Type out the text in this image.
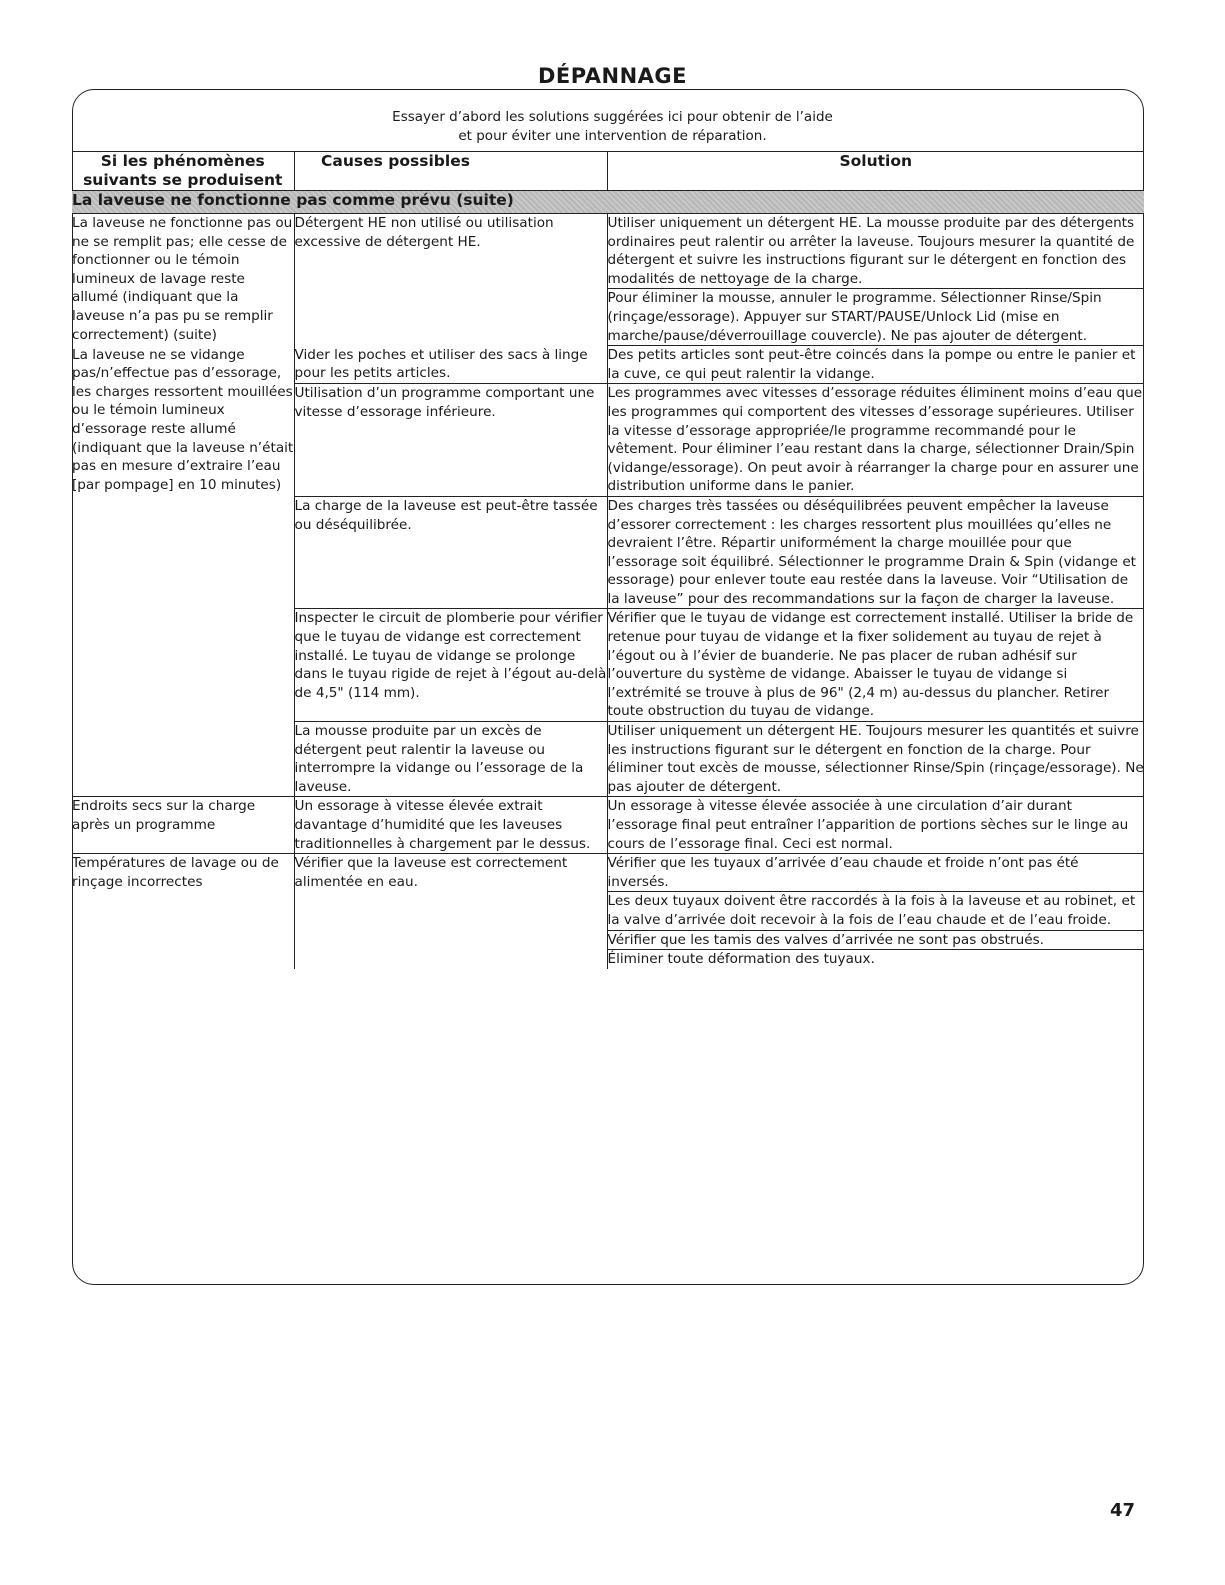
DÉPANNAGE
Essayer d’abord les solutions suggérées ici pour obtenir de l’aide
et pour éviter une intervention de réparation.
Si les phénomènes suivants se produisent	Causes possibles	Solution
La laveuse ne fonctionne pas comme prévu (suite)		
La laveuse ne fonctionne pas ou ne se remplit pas; elle cesse de fonctionner ou le témoin lumineux de lavage reste allumé (indiquant que la laveuse n’a pas pu se remplir correctement) (suite)	Détergent HE non utilisé ou utilisation excessive de détergent HE.	Utiliser uniquement un détergent HE. La mousse produite par des détergents ordinaires peut ralentir ou arrêter la laveuse. Toujours mesurer la quantité de détergent et suivre les instructions figurant sur le détergent en fonction des modalités de nettoyage de la charge.
		Pour éliminer la mousse, annuler le programme. Sélectionner Rinse/Spin (rinçage/essorage). Appuyer sur START/PAUSE/Unlock Lid (mise en marche/pause/déverrouillage couvercle). Ne pas ajouter de détergent.
La laveuse ne se vidange pas/n’effectue pas d’essorage, les charges ressortent mouillées ou le témoin lumineux d’essorage reste allumé (indiquant que la laveuse n’était pas en mesure d’extraire l’eau [par pompage] en 10 minutes)	Vider les poches et utiliser des sacs à linge pour les petits articles.	Des petits articles sont peut-être coincés dans la pompe ou entre le panier et la cuve, ce qui peut ralentir la vidange.
	Utilisation d’un programme comportant une vitesse d’essorage inférieure.	Les programmes avec vitesses d’essorage réduites éliminent moins d’eau que les programmes qui comportent des vitesses d’essorage supérieures. Utiliser la vitesse d’essorage appropriée/le programme recommandé pour le vêtement. Pour éliminer l’eau restant dans la charge, sélectionner Drain/Spin (vidange/essorage). On peut avoir à réarranger la charge pour en assurer une distribution uniforme dans le panier.
	La charge de la laveuse est peut-être tassée ou déséquilibrée.	Des charges très tassées ou déséquilibrées peuvent empêcher la laveuse d’essorer correctement : les charges ressortent plus mouillées qu’elles ne devraient l’être. Répartir uniformément la charge mouillée pour que l’essorage soit équilibré. Sélectionner le programme Drain & Spin (vidange et essorage) pour enlever toute eau restée dans la laveuse. Voir “Utilisation de la laveuse” pour des recommandations sur la façon de charger la laveuse.
	Inspecter le circuit de plomberie pour vérifier que le tuyau de vidange est correctement installé. Le tuyau de vidange se prolonge dans le tuyau rigide de rejet à l’égout au-delà de 4,5" (114 mm).	Vérifier que le tuyau de vidange est correctement installé. Utiliser la bride de retenue pour tuyau de vidange et la fixer solidement au tuyau de rejet à l’égout ou à l’évier de buanderie. Ne pas placer de ruban adhésif sur l’ouverture du système de vidange. Abaisser le tuyau de vidange si l’extrémité se trouve à plus de 96" (2,4 m) au-dessus du plancher. Retirer toute obstruction du tuyau de vidange.
	La mousse produite par un excès de détergent peut ralentir la laveuse ou interrompre la vidange ou l’essorage de la laveuse.	Utiliser uniquement un détergent HE. Toujours mesurer les quantités et suivre les instructions figurant sur le détergent en fonction de la charge. Pour éliminer tout excès de mousse, sélectionner Rinse/Spin (rinçage/essorage). Ne pas ajouter de détergent.
Endroits secs sur la charge après un programme	Un essorage à vitesse élevée extrait davantage d’humidité que les laveuses traditionnelles à chargement par le dessus.	Un essorage à vitesse élevée associée à une circulation d’air durant l’essorage final peut entraîner l’apparition de portions sèches sur le linge au cours de l’essorage final. Ceci est normal.
Températures de lavage ou de rinçage incorrectes	Vérifier que la laveuse est correctement alimentée en eau.	Vérifier que les tuyaux d’arrivée d’eau chaude et froide n’ont pas été inversés.
		Les deux tuyaux doivent être raccordés à la fois à la laveuse et au robinet, et la valve d’arrivée doit recevoir à la fois de l’eau chaude et de l’eau froide.
		Vérifier que les tamis des valves d’arrivée ne sont pas obstrués.
		Éliminer toute déformation des tuyaux.
47
